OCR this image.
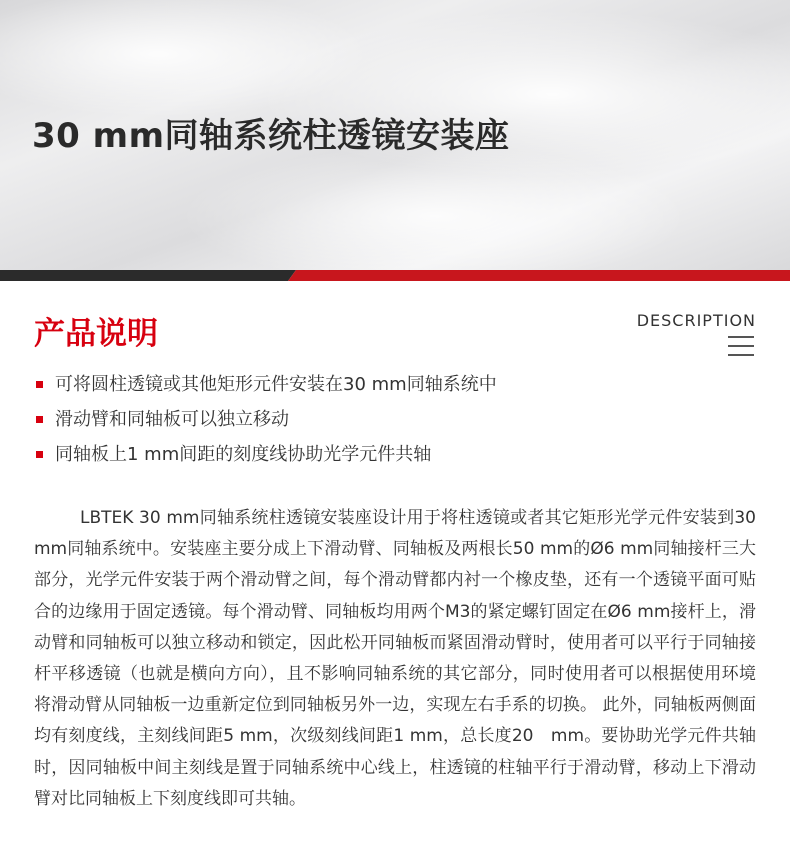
30 mm同轴系统柱透镜安装座
产品说明	DESCRIPTION
可将圆柱透镜或其他矩形元件安装在30 mm同轴系统中
滑动臂和同轴板可以独立移动
同轴板上1 mm间距的刻度线协助光学元件共轴

LBTEK 30 mm同轴系统柱透镜安装座设计用于将柱透镜或者其它矩形光学元件安装到30 mm同轴系统中。安装座主要分成上下滑动臂、同轴板及两根长50 mm的Ø6 mm同轴接杆三大部分，光学元件安装于两个滑动臂之间，每个滑动臂都内衬一个橡皮垫，还有一个透镜平面可贴合的边缘用于固定透镜。每个滑动臂、同轴板均用两个M3的紧定螺钉固定在Ø6 mm接杆上，滑动臂和同轴板可以独立移动和锁定，因此松开同轴板而紧固滑动臂时，使用者可以平行于同轴接杆平移透镜（也就是横向方向），且不影响同轴系统的其它部分，同时使用者可以根据使用环境将滑动臂从同轴板一边重新定位到同轴板另外一边，实现左右手系的切换。 此外，同轴板两侧面均有刻度线，主刻线间距5 mm，次级刻线间距1 mm，总长度20　mm。要协助光学元件共轴时，因同轴板中间主刻线是置于同轴系统中心线上，柱透镜的柱轴平行于滑动臂，移动上下滑动臂对比同轴板上下刻度线即可共轴。
